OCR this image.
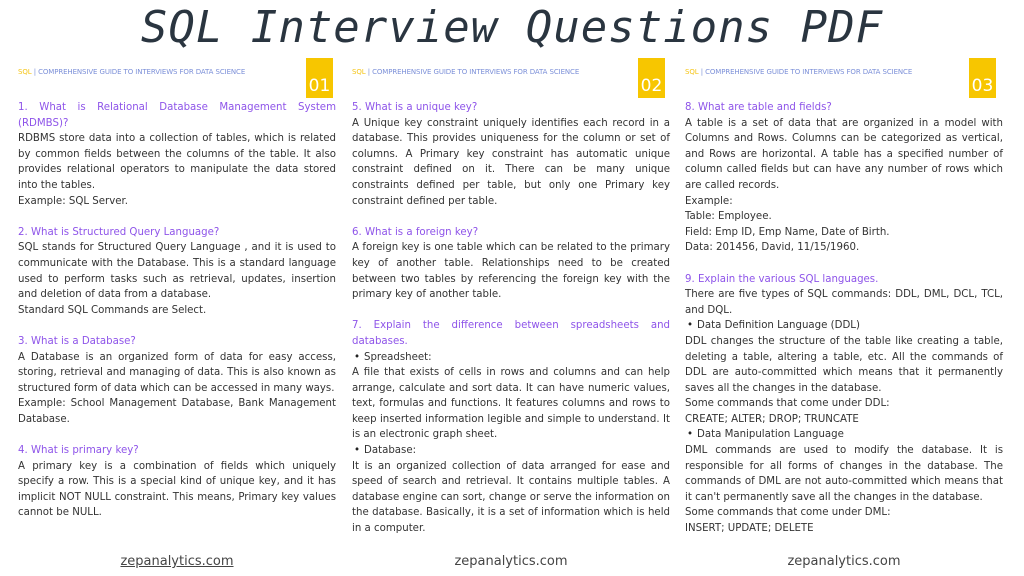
SQL Interview Questions PDF
SQL | COMPREHENSIVE GUIDE TO INTERVIEWS FOR DATA SCIENCE
01
1. What is Relational Database Management System (RDMBS)?
RDBMS store data into a collection of tables, which is related by common fields between the columns of the table. It also provides relational operators to manipulate the data stored into the tables.
Example: SQL Server.
2. What is Structured Query Language?
SQL stands for Structured Query Language , and it is used to communicate with the Database. This is a standard language used to perform tasks such as retrieval, updates, insertion and deletion of data from a database.
Standard SQL Commands are Select.
3. What is a Database?
A Database is an organized form of data for easy access, storing, retrieval and managing of data. This is also known as structured form of data which can be accessed in many ways.
Example: School Management Database, Bank Management Database.
4. What is primary key?
A primary key is a combination of fields which uniquely specify a row. This is a special kind of unique key, and it has implicit NOT NULL constraint. This means, Primary key values cannot be NULL.
zepanalytics.com
SQL | COMPREHENSIVE GUIDE TO INTERVIEWS FOR DATA SCIENCE
02
5. What is a unique key?
A Unique key constraint uniquely identifies each record in a database. This provides uniqueness for the column or set of columns. A Primary key constraint has automatic unique constraint defined on it. There can be many unique constraints defined per table, but only one Primary key constraint defined per table.
6. What is a foreign key?
A foreign key is one table which can be related to the primary key of another table. Relationships need to be created between two tables by referencing the foreign key with the primary key of another table.
7. Explain the difference between spreadsheets and databases.
• Spreadsheet:
A file that exists of cells in rows and columns and can help arrange, calculate and sort data. It can have numeric values, text, formulas and functions. It features columns and rows to keep inserted information legible and simple to understand. It is an electronic graph sheet.
• Database:
It is an organized collection of data arranged for ease and speed of search and retrieval. It contains multiple tables. A database engine can sort, change or serve the information on the database. Basically, it is a set of information which is held in a computer.
zepanalytics.com
SQL | COMPREHENSIVE GUIDE TO INTERVIEWS FOR DATA SCIENCE
03
8. What are table and fields?
A table is a set of data that are organized in a model with Columns and Rows. Columns can be categorized as vertical, and Rows are horizontal. A table has a specified number of column called fields but can have any number of rows which are called records.
Example:
Table: Employee.
Field: Emp ID, Emp Name, Date of Birth.
Data: 201456, David, 11/15/1960.
9. Explain the various SQL languages.
There are five types of SQL commands: DDL, DML, DCL, TCL, and DQL.
• Data Definition Language (DDL)
DDL changes the structure of the table like creating a table, deleting a table, altering a table, etc. All the commands of DDL are auto-committed which means that it permanently saves all the changes in the database.
Some commands that come under DDL:
CREATE; ALTER; DROP; TRUNCATE
• Data Manipulation Language
DML commands are used to modify the database. It is responsible for all forms of changes in the database. The commands of DML are not auto-committed which means that it can't permanently save all the changes in the database.
Some commands that come under DML:
INSERT; UPDATE; DELETE
zepanalytics.com
